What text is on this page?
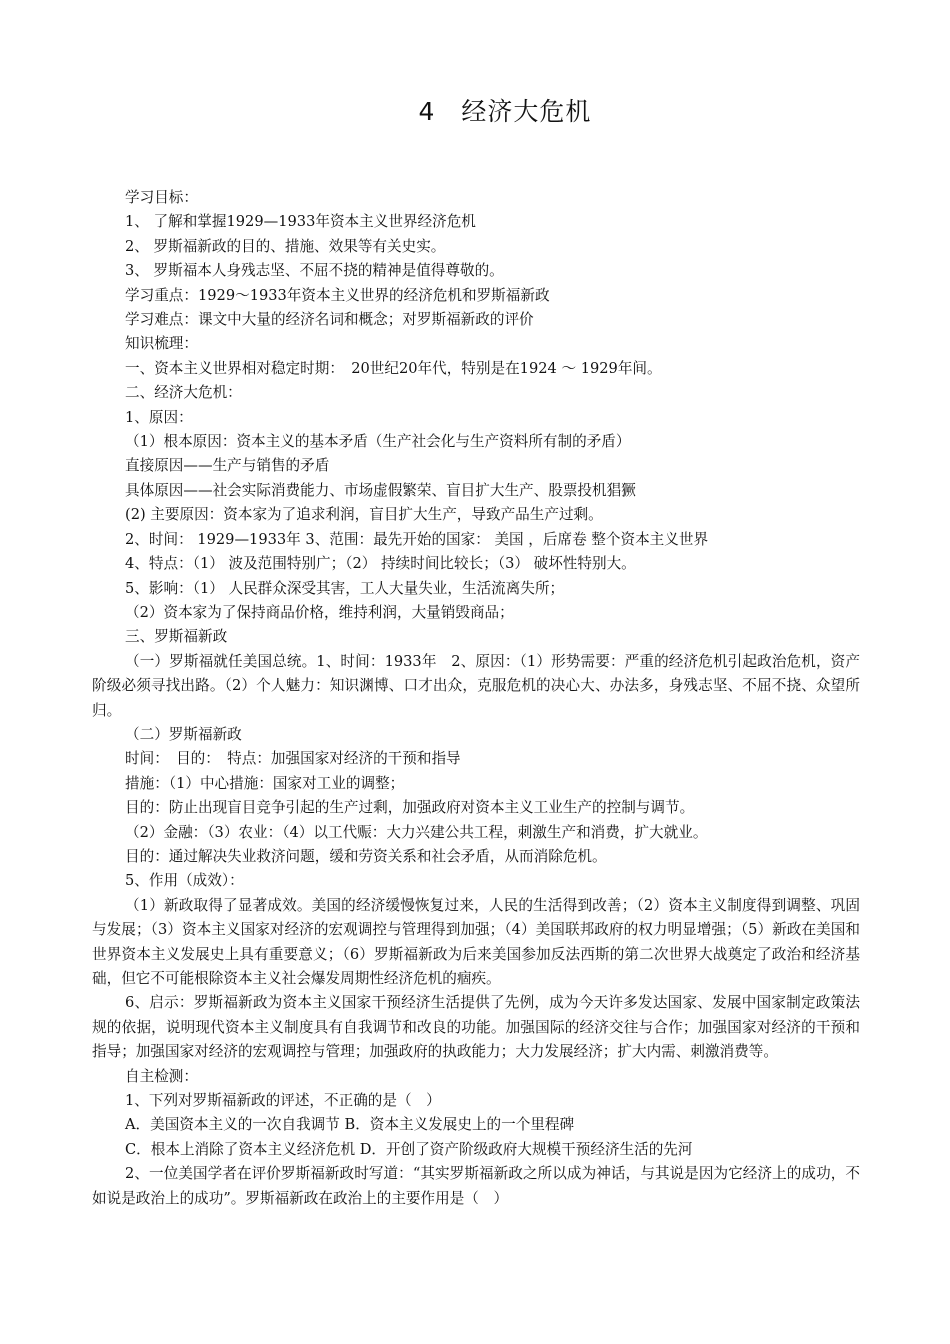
4　经济大危机

学习目标：

1、 了解和掌握1929—1933年资本主义世界经济危机

2、 罗斯福新政的目的、措施、效果等有关史实。

3、 罗斯福本人身残志坚、不屈不挠的精神是值得尊敬的。

学习重点：1929～1933年资本主义世界的经济危机和罗斯福新政

学习难点：课文中大量的经济名词和概念；对罗斯福新政的评价

知识梳理：

一、资本主义世界相对稳定时期：　20世纪20年代，特别是在1924 ～ 1929年间。

二、经济大危机：

1、原因：

（1）根本原因：资本主义的基本矛盾（生产社会化与生产资料所有制的矛盾）

直接原因——生产与销售的矛盾

具体原因——社会实际消费能力、市场虚假繁荣、盲目扩大生产、股票投机猖獗

(2) 主要原因：资本家为了追求利润，盲目扩大生产，导致产品生产过剩。

2、时间： 1929—1933年 3、范围：最先开始的国家： 美国 ，后席卷 整个资本主义世界

4、特点：（1） 波及范围特别广；（2） 持续时间比较长；（3） 破坏性特别大。

5、影响：（1） 人民群众深受其害，工人大量失业，生活流离失所；

（2）资本家为了保持商品价格，维持利润，大量销毁商品；

三、罗斯福新政

（一）罗斯福就任美国总统。1、时间：1933年　2、原因：（1）形势需要：严重的经济危机引起政治危机，资产阶级必须寻找出路。（2）个人魅力：知识渊博、口才出众，克服危机的决心大、办法多，身残志坚、不屈不挠、众望所归。

（二）罗斯福新政

时间：　目的：　特点：加强国家对经济的干预和指导

措施：（1）中心措施：国家对工业的调整；

目的：防止出现盲目竞争引起的生产过剩，加强政府对资本主义工业生产的控制与调节。

（2）金融：（3）农业：（4）以工代赈：大力兴建公共工程，刺激生产和消费，扩大就业。

目的：通过解决失业救济问题，缓和劳资关系和社会矛盾，从而消除危机。

5、作用（成效）：

（1）新政取得了显著成效。美国的经济缓慢恢复过来，人民的生活得到改善；（2）资本主义制度得到调整、巩固与发展；（3）资本主义国家对经济的宏观调控与管理得到加强；（4）美国联邦政府的权力明显增强；（5）新政在美国和世界资本主义发展史上具有重要意义；（6）罗斯福新政为后来美国参加反法西斯的第二次世界大战奠定了政治和经济基础，但它不可能根除资本主义社会爆发周期性经济危机的痼疾。

6、启示：罗斯福新政为资本主义国家干预经济生活提供了先例，成为今天许多发达国家、发展中国家制定政策法规的依据，说明现代资本主义制度具有自我调节和改良的功能。加强国际的经济交往与合作；加强国家对经济的干预和指导；加强国家对经济的宏观调控与管理；加强政府的执政能力；大力发展经济；扩大内需、刺激消费等。

自主检测：

1、下列对罗斯福新政的评述，不正确的是（　）

A．美国资本主义的一次自我调节 B．资本主义发展史上的一个里程碑

C．根本上消除了资本主义经济危机 D．开创了资产阶级政府大规模干预经济生活的先河

2、一位美国学者在评价罗斯福新政时写道：“其实罗斯福新政之所以成为神话，与其说是因为它经济上的成功，不如说是政治上的成功”。罗斯福新政在政治上的主要作用是（　）
